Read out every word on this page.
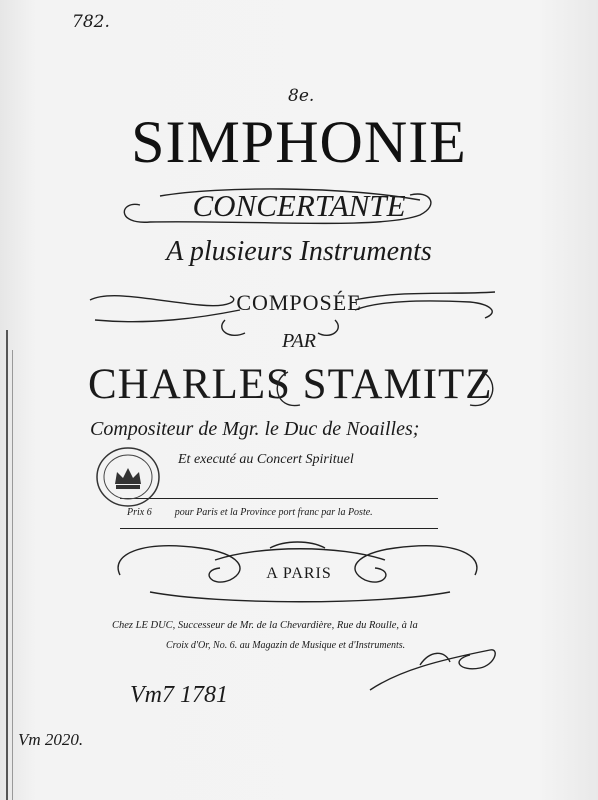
782.
8e.
SIMPHONIE
CONCERTANTE
A plusieurs Instruments
COMPOSÉE
PAR
CHARLES STAMITZ
Compositeur de Mgr. le Duc de Noailles;
Et executé au Concert Spirituel
Prix 6 pour Paris et la Province port franc par la Poste.
A PARIS
Chez LE DUC, Successeur de Mr. de la Chevardière, Rue du Roulle, à la
Croix d'Or, No. 6. au Magazin de Musique et d'Instruments.
Vm7 1781
Vm 2020.
